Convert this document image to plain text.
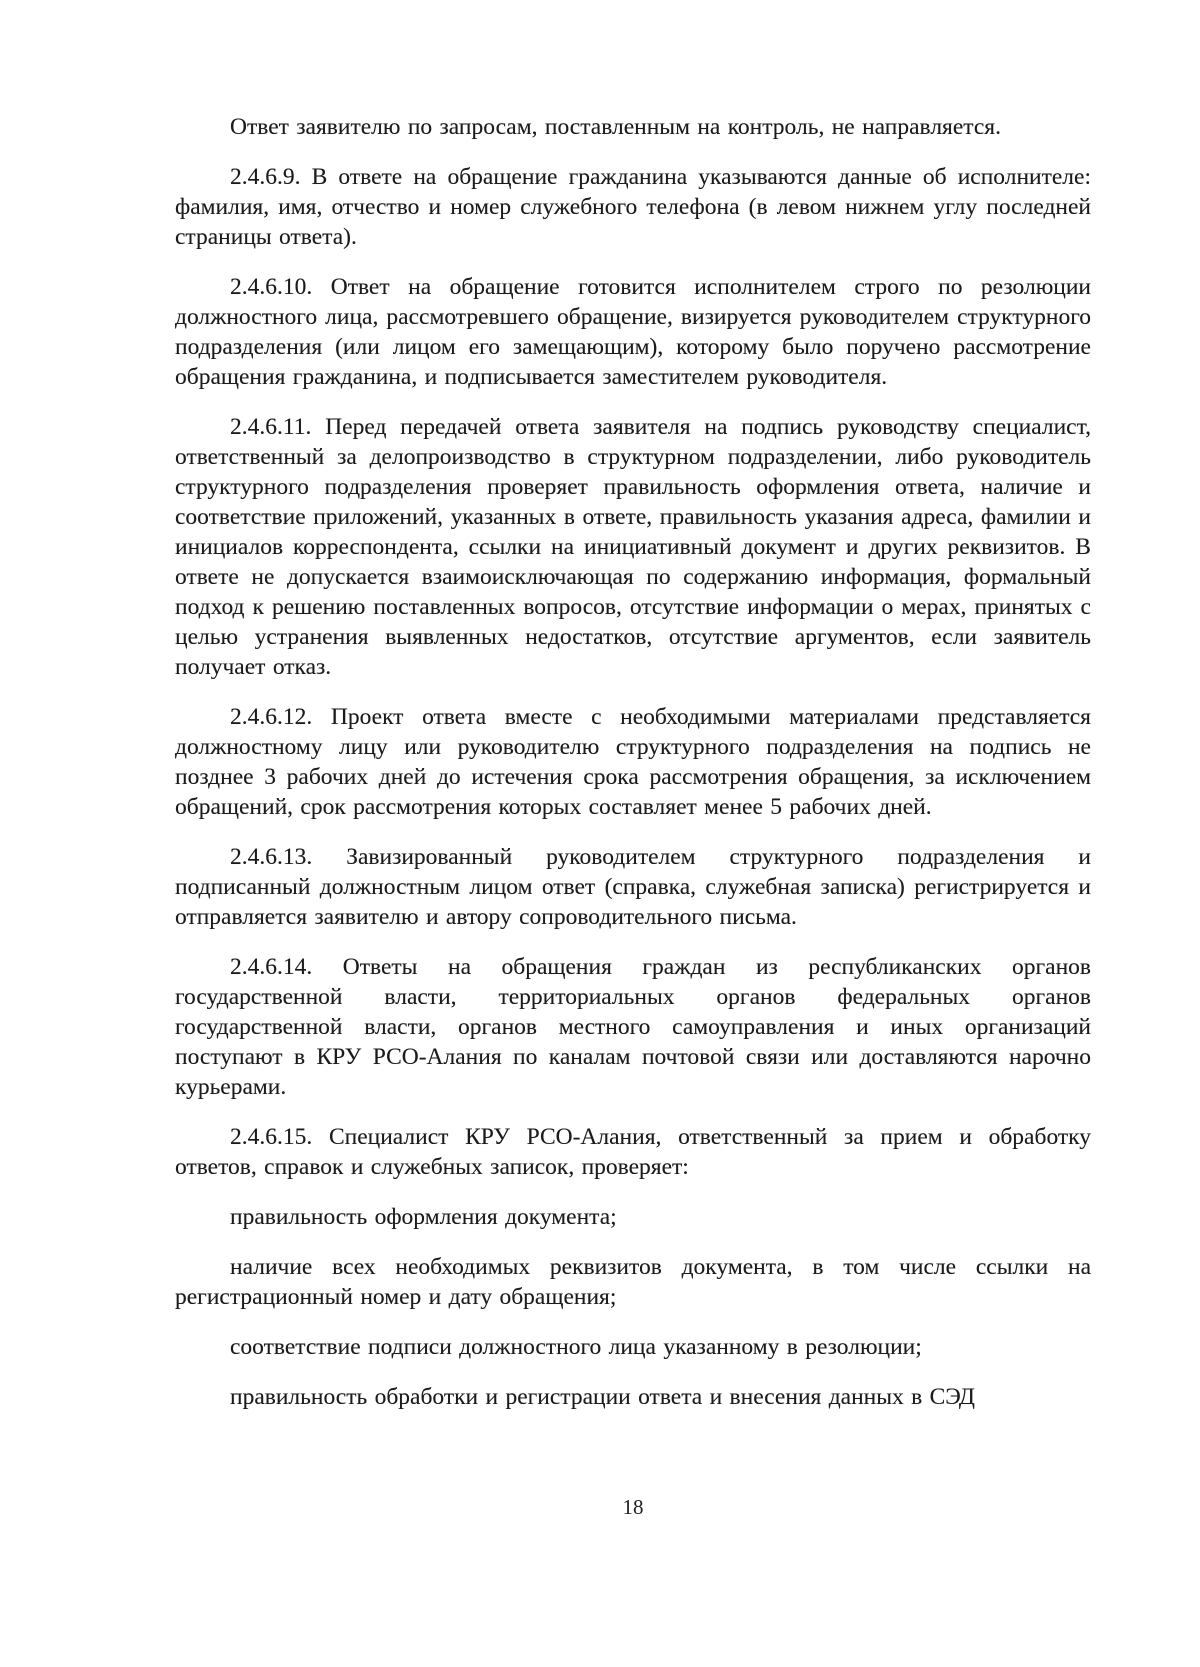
Ответ заявителю по запросам, поставленным на контроль, не направляется.

2.4.6.9. В ответе на обращение гражданина указываются данные об исполнителе: фамилия, имя, отчество и номер служебного телефона (в левом нижнем углу последней страницы ответа).

2.4.6.10. Ответ на обращение готовится исполнителем строго по резолюции должностного лица, рассмотревшего обращение, визируется руководителем структурного подразделения (или лицом его замещающим), которому было поручено рассмотрение обращения гражданина, и подписывается заместителем руководителя.

2.4.6.11. Перед передачей ответа заявителя на подпись руководству специалист, ответственный за делопроизводство в структурном подразделении, либо руководитель структурного подразделения проверяет правильность оформления ответа, наличие и соответствие приложений, указанных в ответе, правильность указания адреса, фамилии и инициалов корреспондента, ссылки на инициативный документ и других реквизитов. В ответе не допускается взаимоисключающая по содержанию информация, формальный подход к решению поставленных вопросов, отсутствие информации о мерах, принятых с целью устранения выявленных недостатков, отсутствие аргументов, если заявитель получает отказ.

2.4.6.12. Проект ответа вместе с необходимыми материалами представляется должностному лицу или руководителю структурного подразделения на подпись не позднее 3 рабочих дней до истечения срока рассмотрения обращения, за исключением обращений, срок рассмотрения которых составляет менее 5 рабочих дней.

2.4.6.13. Завизированный руководителем структурного подразделения и подписанный должностным лицом ответ (справка, служебная записка) регистрируется и отправляется заявителю и автору сопроводительного письма.

2.4.6.14. Ответы на обращения граждан из республиканских органов государственной власти, территориальных органов федеральных органов государственной власти, органов местного самоуправления и иных организаций поступают в КРУ РСО-Алания по каналам почтовой связи или доставляются нарочно курьерами.

2.4.6.15. Специалист КРУ РСО-Алания, ответственный за прием и обработку ответов, справок и служебных записок, проверяет:

правильность оформления документа;

наличие всех необходимых реквизитов документа, в том числе ссылки на регистрационный номер и дату обращения;

соответствие подписи должностного лица указанному в резолюции;

правильность обработки и регистрации ответа и внесения данных в СЭД

18
